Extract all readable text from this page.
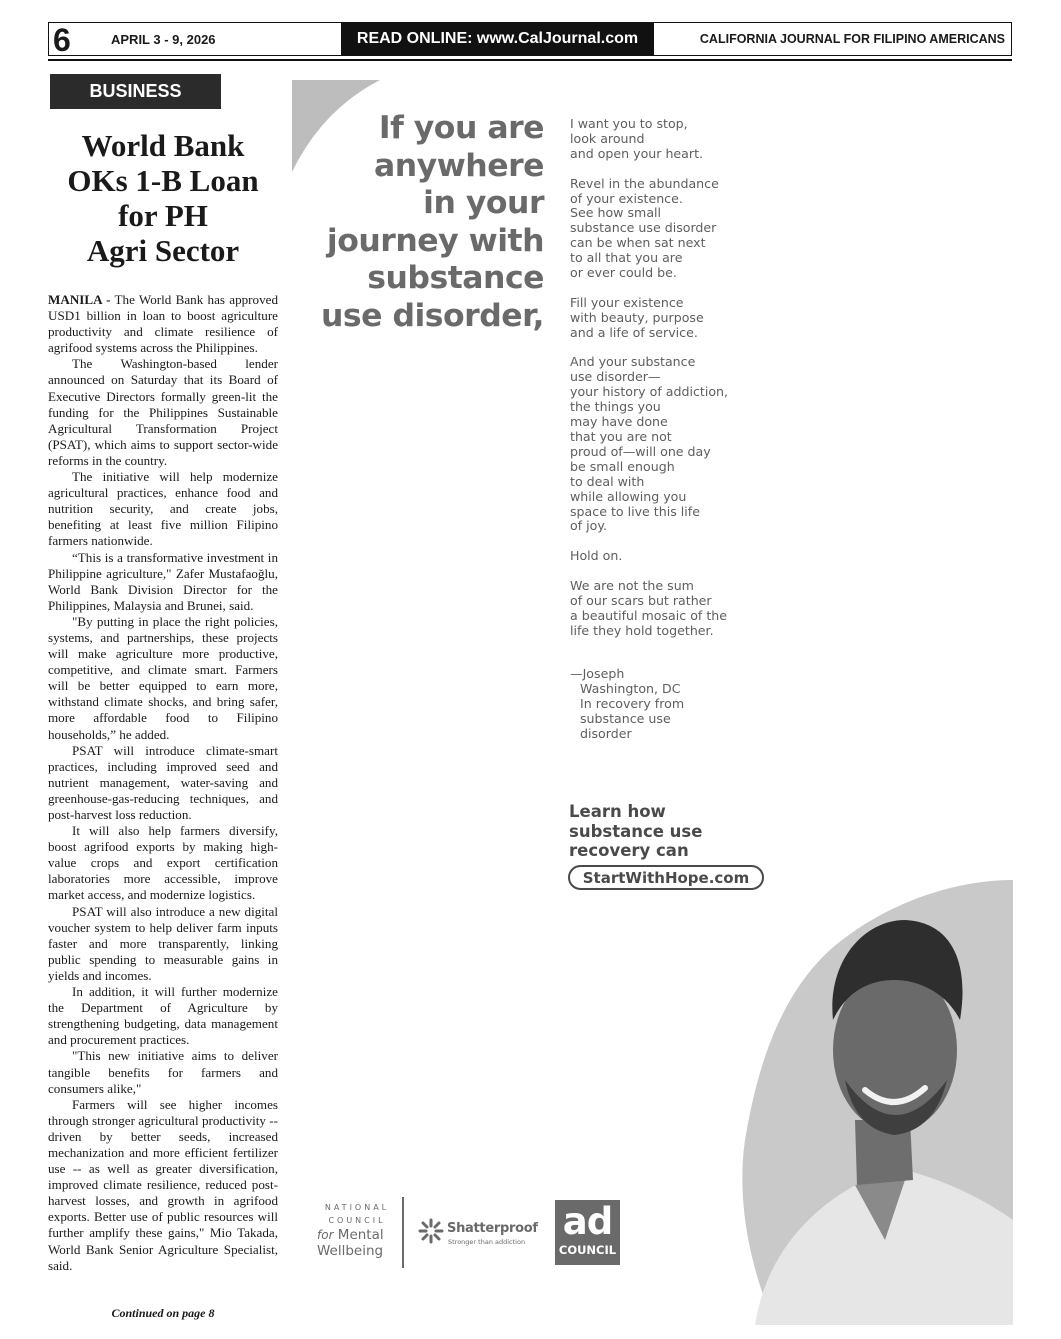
6	APRIL 3 - 9, 2026	READ ONLINE: www.CalJournal.com	CALIFORNIA JOURNAL FOR FILIPINO AMERICANS
BUSINESS
World Bank
OKs 1-B Loan
for PH
Agri Sector

MANILA - The World Bank has approved USD1 billion in loan to boost agriculture productivity and climate resilience of agrifood systems across the Philippines.

The Washington-based lender announced on Saturday that its Board of Executive Directors formally green-lit the funding for the Philippines Sustainable Agricultural Transformation Project (PSAT), which aims to support sector-wide reforms in the country.

The initiative will help modernize agricultural practices, enhance food and nutrition security, and create jobs, benefiting at least five million Filipino farmers nationwide.

“This is a transformative investment in Philippine agriculture," Zafer Mustafaoğlu, World Bank Division Director for the Philippines, Malaysia and Brunei, said.

"By putting in place the right policies, systems, and partnerships, these projects will make agriculture more productive, competitive, and climate smart. Farmers will be better equipped to earn more, withstand climate shocks, and bring safer, more affordable food to Filipino households,” he added.

PSAT will introduce climate-smart practices, including improved seed and nutrient management, water-saving and greenhouse-gas-reducing techniques, and post-harvest loss reduction.

It will also help farmers diversify, boost agrifood exports by making high-value crops and export certification laboratories more accessible, improve market access, and modernize logistics.

PSAT will also introduce a new digital voucher system to help deliver farm inputs faster and more transparently, linking public spending to measurable gains in yields and incomes.

In addition, it will further modernize the Department of Agriculture by strengthening budgeting, data management and procurement practices.

"This new initiative aims to deliver tangible benefits for farmers and consumers alike,"

Farmers will see higher incomes through stronger agricultural productivity -- driven by better seeds, increased mechanization and more efficient fertilizer use -- as well as greater diversification, improved climate resilience, reduced post-harvest losses, and growth in agrifood exports. Better use of public resources will further amplify these gains," Mio Takada, World Bank Senior Agriculture Specialist, said.

Continued on page 8
If you are
anywhere
in your
journey with
substance
use disorder,
I want you to stop,
look around
and open your heart.
Revel in the abundance
of your existence.
See how small
substance use disorder
can be when sat next
to all that you are
or ever could be.
Fill your existence
with beauty, purpose
and a life of service.
And your substance
use disorder—
your history of addiction,
the things you
may have done
that you are not
proud of—will one day
be small enough
to deal with
while allowing you
space to live this life
of joy.
Hold on.
We are not the sum
of our scars but rather
a beautiful mosaic of the
life they hold together.
—Joseph
Washington, DC
In recovery from
substance use
disorder
Learn how
substance use
recovery can
StartWithHope.com
NATIONAL
COUNCIL
for Mental
Wellbeing
Shatterproof
Stronger than addiction ad
COUNCIL
